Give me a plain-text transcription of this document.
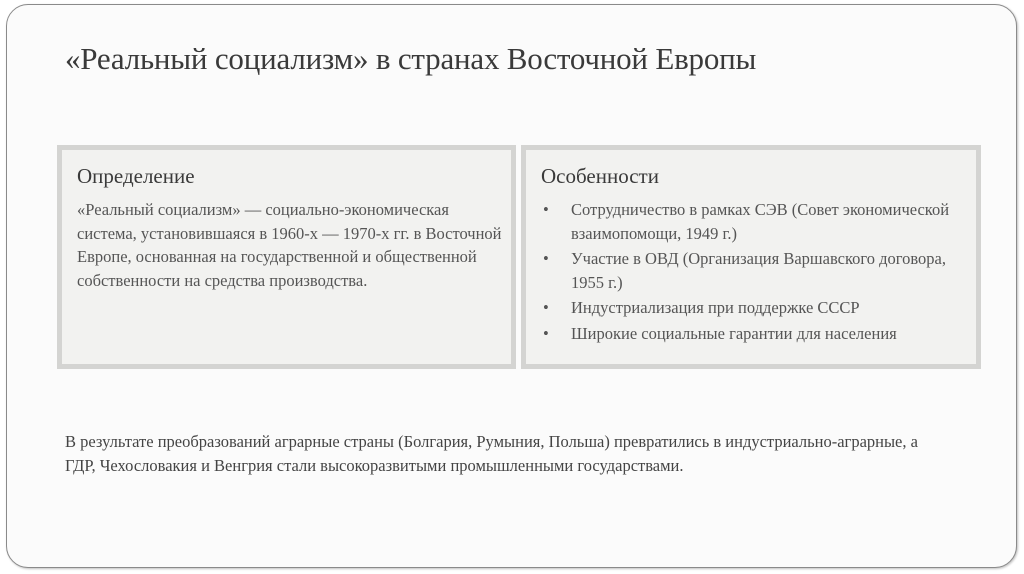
«Реальный социализм» в странах Восточной Европы
Определение
«Реальный социализм» — социально-экономическая система, установившаяся в 1960-х — 1970-х гг. в Восточной Европе, основанная на государственной и общественной собственности на средства производства.
Особенности
• Сотрудничество в рамках СЭВ (Совет экономической взаимопомощи, 1949 г.)
• Участие в ОВД (Организация Варшавского договора, 1955 г.)
• Индустриализация при поддержке СССР
• Широкие социальные гарантии для населения

В результате преобразований аграрные страны (Болгария, Румыния, Польша) превратились в индустриально-аграрные, а ГДР, Чехословакия и Венгрия стали высокоразвитыми промышленными государствами.
